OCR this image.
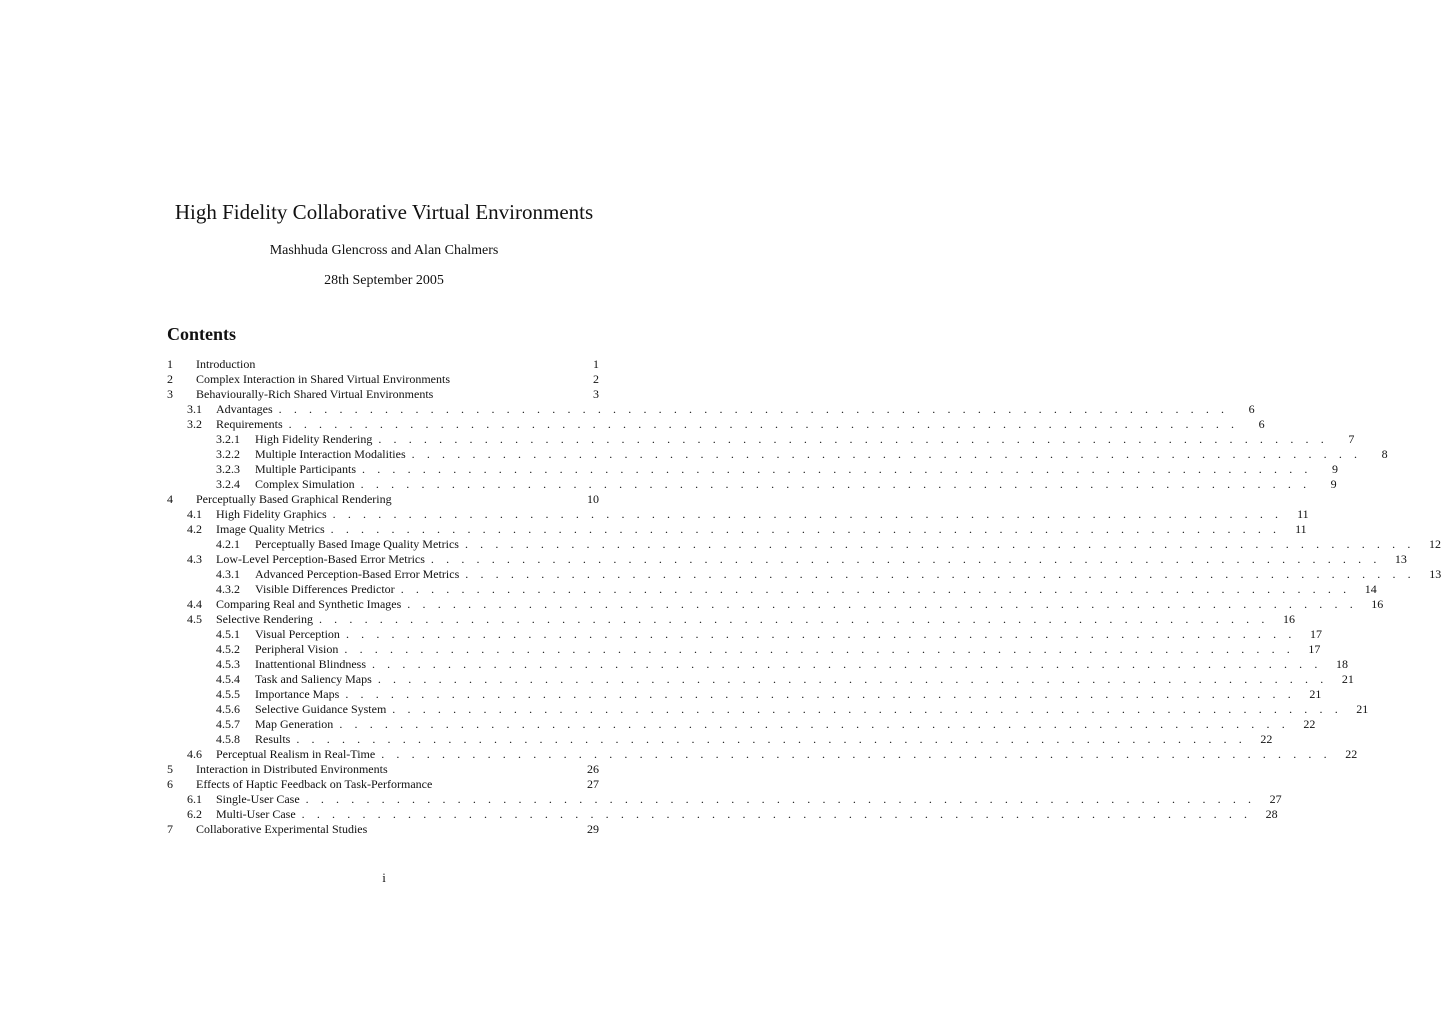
High Fidelity Collaborative Virtual Environments
Mashhuda Glencross and Alan Chalmers
28th September 2005
Contents
1	Introduction	1
2	Complex Interaction in Shared Virtual Environments	2
3	Behaviourally-Rich Shared Virtual Environments	3
3.1	Advantages . . . . . . . . . . . . . . . . . . . . . . . . . . . . . . . . . . . . . . . . . . . . . . . . . . . . . . . . . . . . . . .	6
3.2	Requirements . . . . . . . . . . . . . . . . . . . . . . . . . . . . . . . . . . . . . . . . . . . . . . . . . . . . . . . . . . . . . . .	6
3.2.1	High Fidelity Rendering . . . . . . . . . . . . . . . . . . . . . . . . . . . . . . . . . . . . . . . . . . . . . . . . . . . . . . . . . . . . . . .	7
3.2.2	Multiple Interaction Modalities . . . . . . . . . . . . . . . . . . . . . . . . . . . . . . . . . . . . . . . . . . . . . . . . . . . . . . . . . . . . . . .	8
3.2.3	Multiple Participants . . . . . . . . . . . . . . . . . . . . . . . . . . . . . . . . . . . . . . . . . . . . . . . . . . . . . . . . . . . . . . .	9
3.2.4	Complex Simulation . . . . . . . . . . . . . . . . . . . . . . . . . . . . . . . . . . . . . . . . . . . . . . . . . . . . . . . . . . . . . . .	9
4	Perceptually Based Graphical Rendering	10
4.1	High Fidelity Graphics . . . . . . . . . . . . . . . . . . . . . . . . . . . . . . . . . . . . . . . . . . . . . . . . . . . . . . . . . . . . . . .	11
4.2	Image Quality Metrics . . . . . . . . . . . . . . . . . . . . . . . . . . . . . . . . . . . . . . . . . . . . . . . . . . . . . . . . . . . . . . .	11
4.2.1	Perceptually Based Image Quality Metrics . . . . . . . . . . . . . . . . . . . . . . . . . . . . . . . . . . . . . . . . . . . . . . . . . . . . . . . . . . . . . . .	12
4.3	Low-Level Perception-Based Error Metrics . . . . . . . . . . . . . . . . . . . . . . . . . . . . . . . . . . . . . . . . . . . . . . . . . . . . . . . . . . . . . . .	13
4.3.1	Advanced Perception-Based Error Metrics . . . . . . . . . . . . . . . . . . . . . . . . . . . . . . . . . . . . . . . . . . . . . . . . . . . . . . . . . . . . . . .	13
4.3.2	Visible Differences Predictor . . . . . . . . . . . . . . . . . . . . . . . . . . . . . . . . . . . . . . . . . . . . . . . . . . . . . . . . . . . . . . .	14
4.4	Comparing Real and Synthetic Images . . . . . . . . . . . . . . . . . . . . . . . . . . . . . . . . . . . . . . . . . . . . . . . . . . . . . . . . . . . . . . .	16
4.5	Selective Rendering . . . . . . . . . . . . . . . . . . . . . . . . . . . . . . . . . . . . . . . . . . . . . . . . . . . . . . . . . . . . . . .	16
4.5.1	Visual Perception . . . . . . . . . . . . . . . . . . . . . . . . . . . . . . . . . . . . . . . . . . . . . . . . . . . . . . . . . . . . . . .	17
4.5.2	Peripheral Vision . . . . . . . . . . . . . . . . . . . . . . . . . . . . . . . . . . . . . . . . . . . . . . . . . . . . . . . . . . . . . . .	17
4.5.3	Inattentional Blindness . . . . . . . . . . . . . . . . . . . . . . . . . . . . . . . . . . . . . . . . . . . . . . . . . . . . . . . . . . . . . . .	18
4.5.4	Task and Saliency Maps . . . . . . . . . . . . . . . . . . . . . . . . . . . . . . . . . . . . . . . . . . . . . . . . . . . . . . . . . . . . . . .	21
4.5.5	Importance Maps . . . . . . . . . . . . . . . . . . . . . . . . . . . . . . . . . . . . . . . . . . . . . . . . . . . . . . . . . . . . . . .	21
4.5.6	Selective Guidance System . . . . . . . . . . . . . . . . . . . . . . . . . . . . . . . . . . . . . . . . . . . . . . . . . . . . . . . . . . . . . . .	21
4.5.7	Map Generation . . . . . . . . . . . . . . . . . . . . . . . . . . . . . . . . . . . . . . . . . . . . . . . . . . . . . . . . . . . . . . .	22
4.5.8	Results . . . . . . . . . . . . . . . . . . . . . . . . . . . . . . . . . . . . . . . . . . . . . . . . . . . . . . . . . . . . . . .	22
4.6	Perceptual Realism in Real-Time . . . . . . . . . . . . . . . . . . . . . . . . . . . . . . . . . . . . . . . . . . . . . . . . . . . . . . . . . . . . . . .	22
5	Interaction in Distributed Environments	26
6	Effects of Haptic Feedback on Task-Performance	27
6.1	Single-User Case . . . . . . . . . . . . . . . . . . . . . . . . . . . . . . . . . . . . . . . . . . . . . . . . . . . . . . . . . . . . . . .	27
6.2	Multi-User Case . . . . . . . . . . . . . . . . . . . . . . . . . . . . . . . . . . . . . . . . . . . . . . . . . . . . . . . . . . . . . . .	28
7	Collaborative Experimental Studies	29
i
